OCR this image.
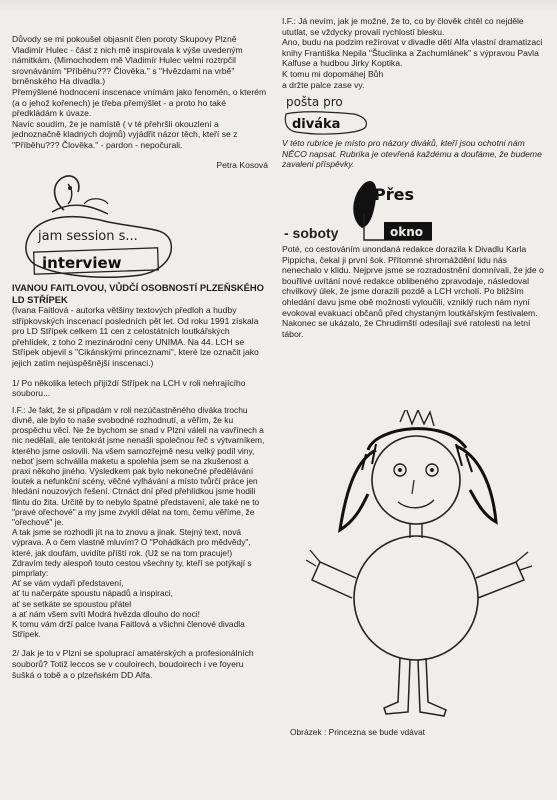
Důvody se mi pokoušel objasnit člen poroty Skupovy Plzně Vladimír Hulec - část z nich mě inspirovala k výše uvedeným námitkám. (Mimochodem mě Vladimír Hulec velmi roztrpčil srovnáváním "Příběhu??? Člověka." s "Hvězdami na vrbě" brněnského Ha divadla.)
Přemýšlené hodnocení inscenace vnímám jako fenomén, o kterém (a o jehož kořenech) je třeba přemýšlet - a proto ho také předkládám k úvaze.
Navíc soudím, že je namístě ( v té přehršli okouzlení a jednoznačně kladných dojmů) vyjádřit názor těch, kteří se z "Příběhu??? Člověka." - pardon - nepočurali.

Petra Kosová

jam session s...
interview

IVANOU FAITLOVOU, VŮDČÍ OSOBNOSTÍ PLZEŇSKÉHO LD STŘÍPEK

(Ivana Faitlová - autorka většiny textových předloh a hudby střípkovských inscenací posledních pět let. Od roku 1991 získala pro LD Střípek celkem 11 cen z celostátních loutkářských přehlídek, z toho 2 mezinárodní ceny UNIMA. Na 44. LCH se Střípek objevil s "Cikánskými princeznami", které lze označit jako jejich zatím nejúspěšnější inscenaci.)

1/ Po několika letech přijíždí Střípek na LCH v roli nehrajícího souboru...

I.F.: Je fakt, že si připadám v roli nezúčastněného diváka trochu divně, ale bylo to naše svobodné rozhodnutí, a věřím, že ku prospěchu věci. Ne že bychom se snad v Plzni váleli na vavřínech a nic nedělali, ale tentokrát jsme nenašli společnou řeč s výtvarníkem, kterého jsme oslovili. Na všem samozřejmě nesu velký podíl viny, neboť jsem schválila maketu a spolehla jsem se na zkušenost a praxi někoho jiného. Výsledkem pak bylo nekonečné předělávání loutek a nefunkční scény, věčné vylhávání a místo tvůrčí práce jen hledání nouzových řešení. Ctrnáct dní před přehlídkou jsme hodili flintu do žita. Určitě by to nebylo špatné představení, ale také ne to "pravé ořechové" a my jsme zvyklí dělat na tom, čemu věříme, že "ořechové" je.
A tak jsme se rozhodli jít na to znovu a jinak. Stejný text, nová výprava. A o čem vlastně mluvím? O "Pohádkách pro mědvědy", které, jak doufám, uvidíte příští rok. (Už se na tom pracuje!)
Zdravím tedy alespoň touto cestou všechny ty, kteří se potýkají s pimprlaty:
Ať se vám vydaří představení,
ať tu načerpáte spoustu nápadů a inspiraci,
ať se setkáte se spoustou přátel
a ať nám všem svítí Modrá hvězda dlouho do noci!
K tomu vám drží palce Ivana Faitlová a všichni členové divadla Střípek.

2/ Jak je to v Plzni se spoluprací amatérských a profesionálních souborů? Totiž leccos se v couloirech, boudoirech i ve foyeru šušká o tobě a o plzeňském DD Alfa.

I.F.: Já nevím, jak je možné, že to, co by člověk chtěl co nejděle ututlat, se vždycky provalí rychlostí blesku.
Ano, budu na podzim režírovat v divadle dětí Alfa vlastní dramatizaci knihy Františka Nepila "Štuclinka a Zachumlánek" s výpravou Pavla Kalfuse a hudbou Jirky Koptika.
K tomu mi dopomáhej Bůh
a držte palce zase vy.

pošta pro
diváka

V této rubrice je místo pro názory diváků, kteří jsou ochotni nám NĚCO napsat. Rubrika je otevřená každému a doufáme, že budeme zavaleni příspěvky.

Přes
- soboty	okno

Poté, co cestováním unondaná redakce dorazila k Divadlu Karla Pippicha, čekal ji první šok. Přítomné shromáždění lidu nás nenechalo v klidu. Nejprve jsme se rozradostnění domnívali, že jde o bouřlivé uvítání nové redakce oblibeného zpravodaje, následoval chvilkový úlek, že jsme dorazili pozdě a LCH vrcholí. Po bližším ohledání davu jsme obě možnosti vyloučili, vzniklý ruch nám nyní evokoval evakuaci občanů před chystaným loutkářským festivalem.
Nakonec se ukázalo, že Chrudimští odesílají své ratolesti na letní tábor.

Obrázek : Princezna se bude vdávat
